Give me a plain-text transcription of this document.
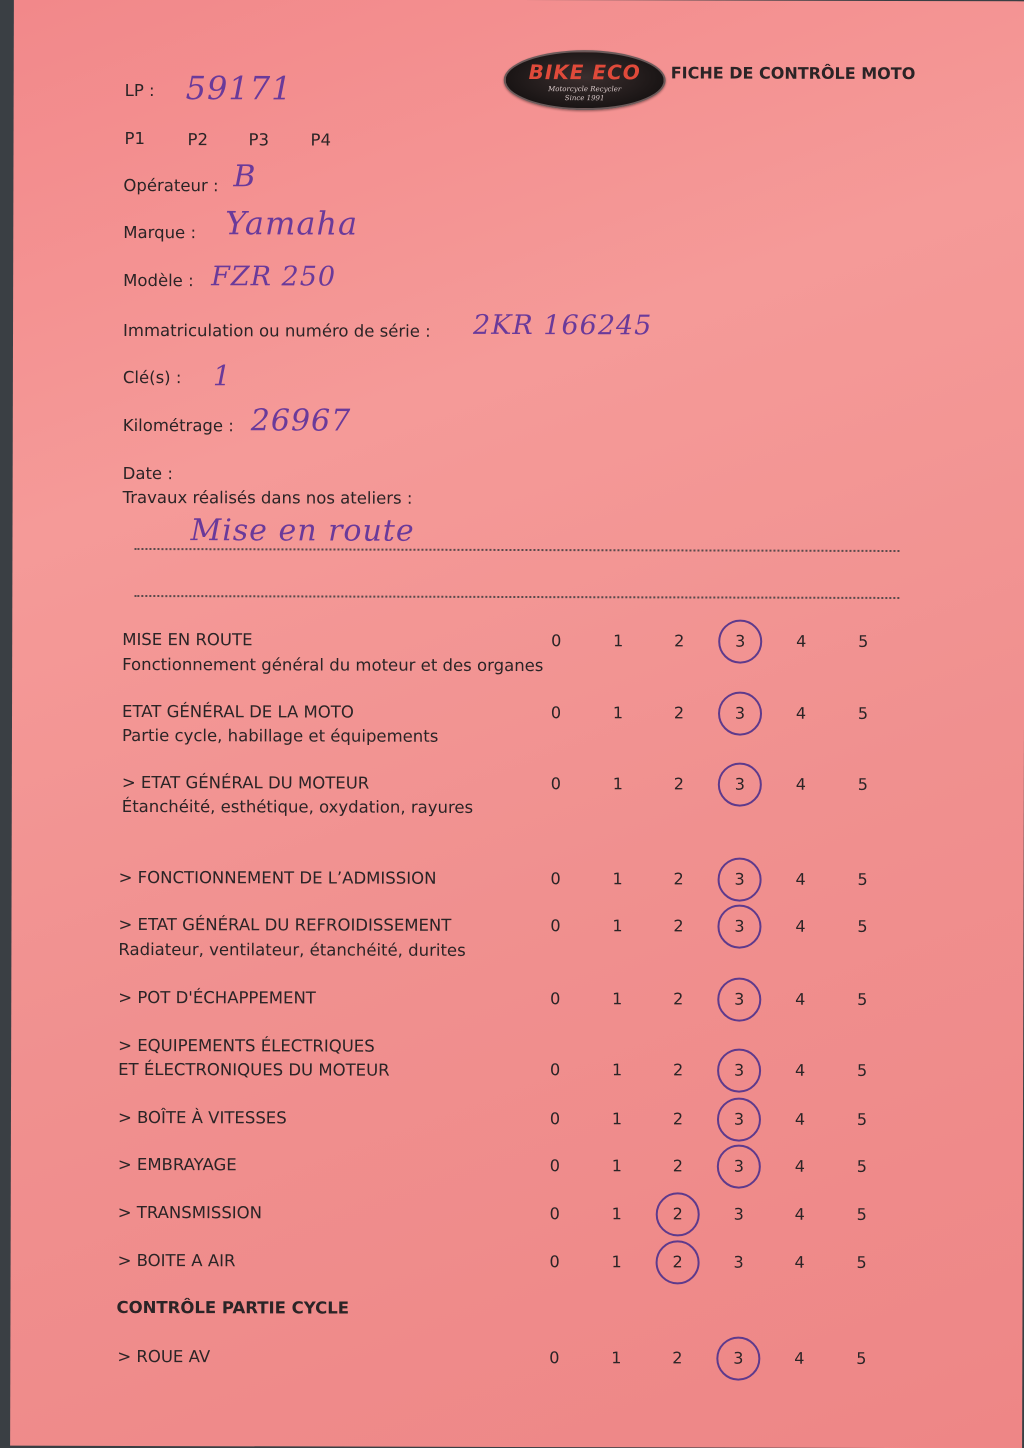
BIKE ECO
Motorcycle Recycler
Since 1991
FICHE DE CONTRÔLE MOTO
LP : 59171
P1	P2 P3	P4
Opérateur : B
Marque : Yamaha
Modèle : FZR 250
Immatriculation ou numéro de série : 2KR 166245
Clé(s) : 1
Kilométrage : 26967
Date :
Travaux réalisés dans nos ateliers :
Mise en route
MISE EN ROUTE
Fonctionnement général du moteur et des organes
0	1	2	3	4	5
ETAT GÉNÉRAL DE LA MOTO
Partie cycle, habillage et équipements
0	1	2	3	4	5
> ETAT GÉNÉRAL DU MOTEUR
Étanchéité, esthétique, oxydation, rayures
0	1	2	3	4	5
> FONCTIONNEMENT DE L’ADMISSION	0	1	2	3	4	5
> ETAT GÉNÉRAL DU REFROIDISSEMENT
Radiateur, ventilateur, étanchéité, durites
0	1	2	3	4	5
> POT D'ÉCHAPPEMENT	0	1	2	3	4	5
> EQUIPEMENTS ÉLECTRIQUES
ET ÉLECTRONIQUES DU MOTEUR	0	1	2	3	4	5
> BOÎTE À VITESSES	0	1	2	3	4	5
> EMBRAYAGE	0	1	2	3	4	5
> TRANSMISSION	0	1	2	3	4	5
> BOITE A AIR	0	1	2	3	4	5
> ROUE AV	0	1	2	3	4	5
CONTRÔLE PARTIE CYCLE
